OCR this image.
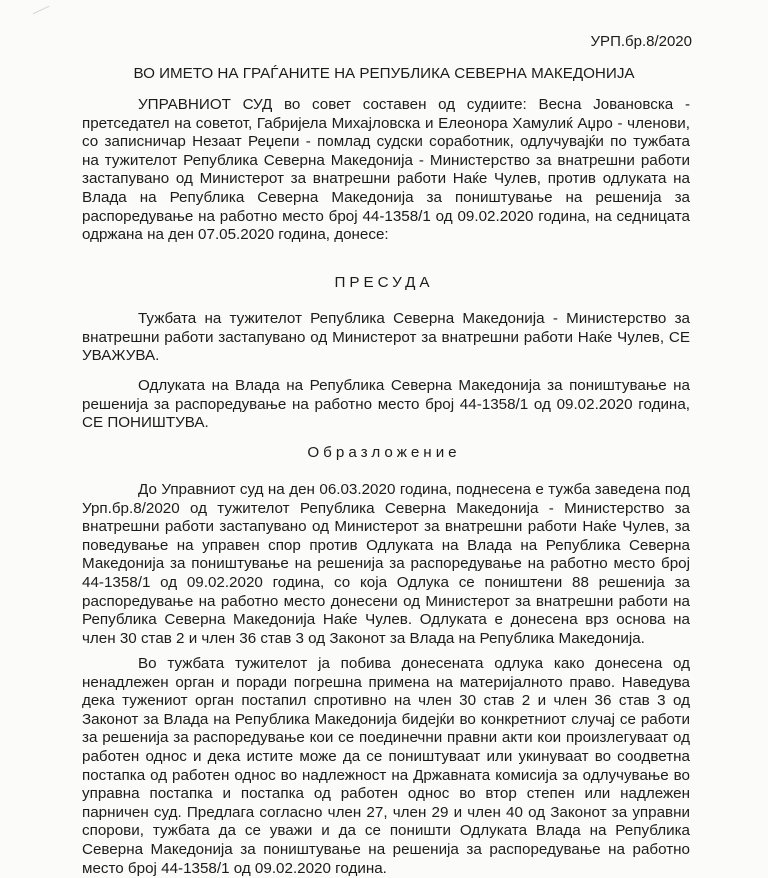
УРП.бр.8/2020
ВО ИМЕТО НА ГРАЃАНИТЕ НА РЕПУБЛИКА СЕВЕРНА МАКЕДОНИЈА

УПРАВНИОТ СУД во совет составен од судиите: Весна Јовановска - претседател на советот, Габријела Михајловска и Елеонора Хамулиќ Аџро - членови, со записничар Незаат Реџепи - помлад судски соработник, одлучувајќи по тужбата на тужителот Република Северна Македонија - Министерство за внатрешни работи застапувано од Министерот за внатрешни работи Наќе Чулев, против одлуката на Влада на Република Северна Македонија за поништување на решенија за распоредување на работно место број 44-1358/1 од 09.02.2020 година, на седницата одржана на ден 07.05.2020 година, донесе:

ПРЕСУДА

Тужбата на тужителот Република Северна Македонија - Министерство за внатрешни работи застапувано од Министерот за внатрешни работи Наќе Чулев, СЕ УВАЖУВА.

Одлуката на Влада на Република Северна Македонија за поништување на решенија за распоредување на работно место број 44-1358/1 од 09.02.2020 година, СЕ ПОНИШТУВА.

Образложение

До Управниот суд на ден 06.03.2020 година, поднесена е тужба заведена под Урп.бр.8/2020 од тужителот Република Северна Македонија - Министерство за внатрешни работи застапувано од Министерот за внатрешни работи Наќе Чулев, за поведување на управен спор против Одлуката на Влада на Република Северна Македонија за поништување на решенија за распоредување на работно место број 44-1358/1 од 09.02.2020 година, со која Одлука се поништени 88 решенија за распоредување на работно место донесени од Министерот за внатрешни работи на Република Северна Македонија Наќе Чулев. Одлуката е донесена врз основа на член 30 став 2 и член 36 став 3 од Законот за Влада на Република Македонија.

Во тужбата тужителот ја побива донесената одлука како донесена од ненадлежен орган и поради погрешна примена на материјалното право. Наведува дека тужениот орган постапил спротивно на член 30 став 2 и член 36 став 3 од Законот за Влада на Република Македонија бидејќи во конкретниот случај се работи за решенија за распоредување кои се поединечни правни акти кои произлегуваат од работен однос и дека истите може да се поништуваат или укинуваат во соодветна постапка од работен однос во надлежност на Државната комисија за одлучување во управна постапка и постапка од работен однос во втор степен или надлежен парничен суд. Предлага согласно член 27, член 29 и член 40 од Законот за управни спорови, тужбата да се уважи и да се поништи Одлуката Влада на Република Северна Македонија за поништување на решенија за распоредување на работно место број 44-1358/1 од 09.02.2020 година.
